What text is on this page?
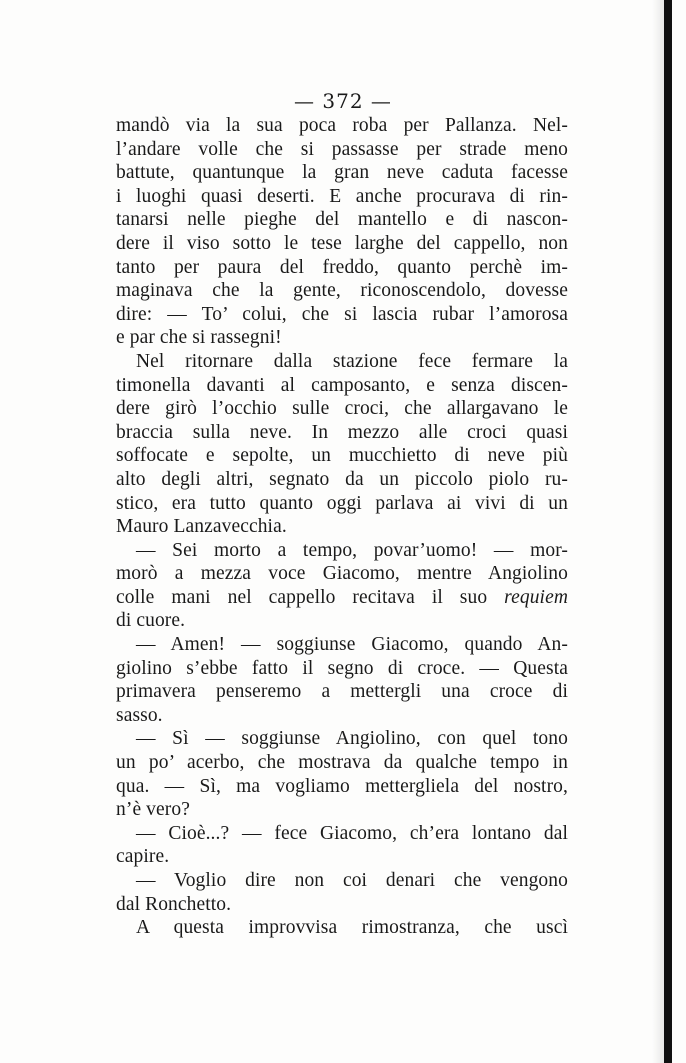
— 372 —
mandò via la sua poca roba per Pallanza. Nel-
l’andare volle che si passasse per strade meno
battute, quantunque la gran neve caduta facesse
i luoghi quasi deserti. E anche procurava di rin-
tanarsi nelle pieghe del mantello e di nascon-
dere il viso sotto le tese larghe del cappello, non
tanto per paura del freddo, quanto perchè im-
maginava che la gente, riconoscendolo, dovesse
dire: — To’ colui, che si lascia rubar l’amorosa
e par che si rassegni!
Nel ritornare dalla stazione fece fermare la
timonella davanti al camposanto, e senza discen-
dere girò l’occhio sulle croci, che allargavano le
braccia sulla neve. In mezzo alle croci quasi
soffocate e sepolte, un mucchietto di neve più
alto degli altri, segnato da un piccolo piolo ru-
stico, era tutto quanto oggi parlava ai vivi di un
Mauro Lanzavecchia.
— Sei morto a tempo, povar’uomo! — mor-
morò a mezza voce Giacomo, mentre Angiolino
colle mani nel cappello recitava il suo requiem
di cuore.
— Amen! — soggiunse Giacomo, quando An-
giolino s’ebbe fatto il segno di croce. — Questa
primavera penseremo a mettergli una croce di
sasso.
— Sì — soggiunse Angiolino, con quel tono
un po’ acerbo, che mostrava da qualche tempo in
qua. — Sì, ma vogliamo mettergliela del nostro,
n’è vero?
— Cioè...? — fece Giacomo, ch’era lontano dal
capire.
— Voglio dire non coi denari che vengono
dal Ronchetto.
A questa improvvisa rimostranza, che uscì
